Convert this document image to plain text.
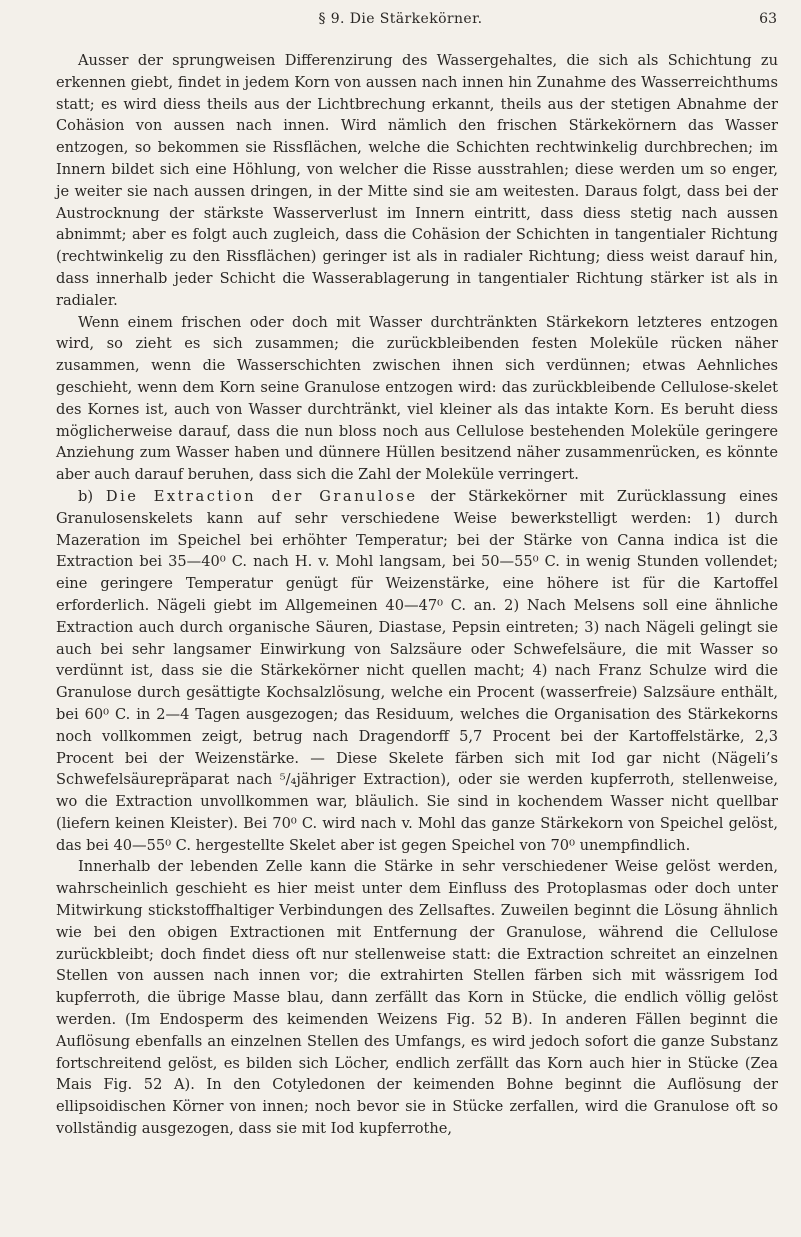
§ 9. Die Stärkekörner.	63

Ausser der sprungweisen Differenzirung des Wassergehaltes, die sich als Schichtung zu erkennen giebt, findet in jedem Korn von aussen nach innen hin Zunahme des Wasserreichthums statt; es wird diess theils aus der Lichtbrechung erkannt, theils aus der stetigen Abnahme der Cohäsion von aussen nach innen. Wird nämlich den frischen Stärkekörnern das Wasser entzogen, so bekommen sie Rissflächen, welche die Schichten rechtwinkelig durchbrechen; im Innern bildet sich eine Höhlung, von welcher die Risse ausstrahlen; diese werden um so enger, je weiter sie nach aussen dringen, in der Mitte sind sie am weitesten. Daraus folgt, dass bei der Austrocknung der stärkste Wasserverlust im Innern eintritt, dass diess stetig nach aussen abnimmt; aber es folgt auch zugleich, dass die Cohäsion der Schichten in tangentialer Richtung (rechtwinkelig zu den Rissflächen) geringer ist als in radialer Richtung; diess weist darauf hin, dass innerhalb jeder Schicht die Wasserablagerung in tangentialer Richtung stärker ist als in radialer.

Wenn einem frischen oder doch mit Wasser durchtränkten Stärkekorn letzteres entzogen wird, so zieht es sich zusammen; die zurückbleibenden festen Moleküle rücken näher zusammen, wenn die Wasserschichten zwischen ihnen sich verdünnen; etwas Aehnliches geschieht, wenn dem Korn seine Granulose entzogen wird: das zurückbleibende Cellulose-skelet des Kornes ist, auch von Wasser durchtränkt, viel kleiner als das intakte Korn. Es beruht diess möglicherweise darauf, dass die nun bloss noch aus Cellulose bestehenden Moleküle geringere Anziehung zum Wasser haben und dünnere Hüllen besitzend näher zusammenrücken, es könnte aber auch darauf beruhen, dass sich die Zahl der Moleküle verringert.

b) Die Extraction der Granulose der Stärkekörner mit Zurücklassung eines Granulosenskelets kann auf sehr verschiedene Weise bewerkstelligt werden: 1) durch Mazeration im Speichel bei erhöhter Temperatur; bei der Stärke von Canna indica ist die Extraction bei 35—40⁰ C. nach H. v. Mohl langsam, bei 50—55⁰ C. in wenig Stunden vollendet; eine geringere Temperatur genügt für Weizenstärke, eine höhere ist für die Kartoffel erforderlich. Nägeli giebt im Allgemeinen 40—47⁰ C. an. 2) Nach Melsens soll eine ähnliche Extraction auch durch organische Säuren, Diastase, Pepsin eintreten; 3) nach Nägeli gelingt sie auch bei sehr langsamer Einwirkung von Salzsäure oder Schwefelsäure, die mit Wasser so verdünnt ist, dass sie die Stärkekörner nicht quellen macht; 4) nach Franz Schulze wird die Granulose durch gesättigte Kochsalzlösung, welche ein Procent (wasserfreie) Salzsäure enthält, bei 60⁰ C. in 2—4 Tagen ausgezogen; das Residuum, welches die Organisation des Stärkekorns noch vollkommen zeigt, betrug nach Dragendorff 5,7 Procent bei der Kartoffelstärke, 2,3 Procent bei der Weizenstärke. — Diese Skelete färben sich mit Iod gar nicht (Nägeli’s Schwefelsäurepräparat nach ⁵/₄jähriger Extraction), oder sie werden kupferroth, stellenweise, wo die Extraction unvollkommen war, bläulich. Sie sind in kochendem Wasser nicht quellbar (liefern keinen Kleister). Bei 70⁰ C. wird nach v. Mohl das ganze Stärkekorn von Speichel gelöst, das bei 40—55⁰ C. hergestellte Skelet aber ist gegen Speichel von 70⁰ unempfindlich.

Innerhalb der lebenden Zelle kann die Stärke in sehr verschiedener Weise gelöst werden, wahrscheinlich geschieht es hier meist unter dem Einfluss des Protoplasmas oder doch unter Mitwirkung stickstoffhaltiger Verbindungen des Zellsaftes. Zuweilen beginnt die Lösung ähnlich wie bei den obigen Extractionen mit Entfernung der Granulose, während die Cellulose zurückbleibt; doch findet diess oft nur stellenweise statt: die Extraction schreitet an einzelnen Stellen von aussen nach innen vor; die extrahirten Stellen färben sich mit wässrigem Iod kupferroth, die übrige Masse blau, dann zerfällt das Korn in Stücke, die endlich völlig gelöst werden. (Im Endosperm des keimenden Weizens Fig. 52 B). In anderen Fällen beginnt die Auflösung ebenfalls an einzelnen Stellen des Umfangs, es wird jedoch sofort die ganze Substanz fortschreitend gelöst, es bilden sich Löcher, endlich zerfällt das Korn auch hier in Stücke (Zea Mais Fig. 52 A). In den Cotyledonen der keimenden Bohne beginnt die Auflösung der ellipsoidischen Körner von innen; noch bevor sie in Stücke zerfallen, wird die Granulose oft so vollständig ausgezogen, dass sie mit Iod kupferrothe,
